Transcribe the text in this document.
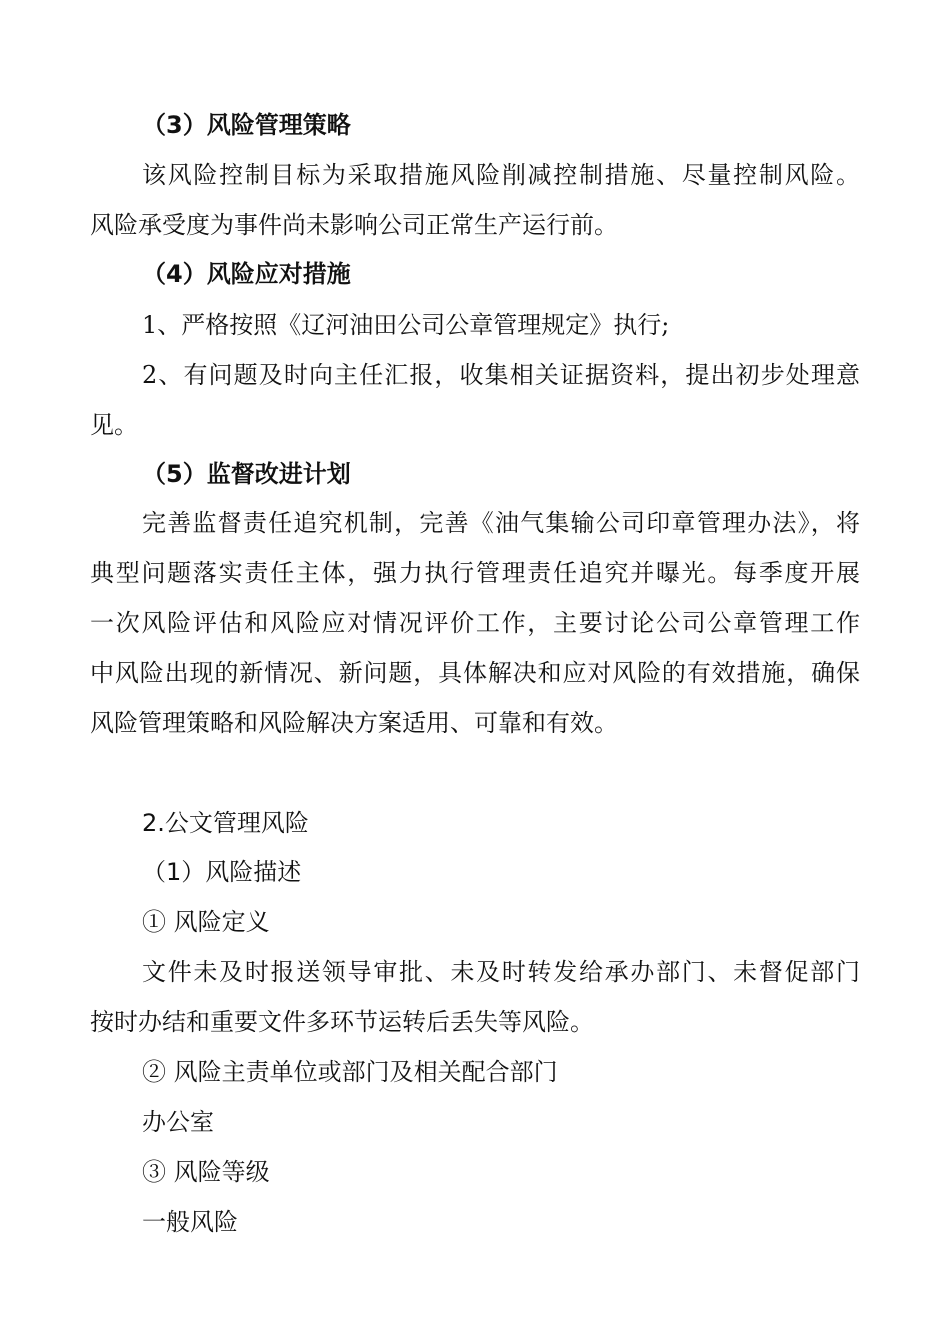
（3）风险管理策略
该风险控制目标为采取措施风险削减控制措施、尽量控制风险。
风险承受度为事件尚未影响公司正常生产运行前。
（4）风险应对措施
1、严格按照《辽河油田公司公章管理规定》执行;
2、有问题及时向主任汇报，收集相关证据资料，提出初步处理意
见。
（5）监督改进计划
完善监督责任追究机制，完善《油气集输公司印章管理办法》，将
典型问题落实责任主体，强力执行管理责任追究并曝光。每季度开展
一次风险评估和风险应对情况评价工作，主要讨论公司公章管理工作
中风险出现的新情况、新问题，具体解决和应对风险的有效措施，确保
风险管理策略和风险解决方案适用、可靠和有效。
2.公文管理风险
（1）风险描述
① 风险定义
文件未及时报送领导审批、未及时转发给承办部门、未督促部门
按时办结和重要文件多环节运转后丢失等风险。
② 风险主责单位或部门及相关配合部门
办公室
③ 风险等级
一般风险
